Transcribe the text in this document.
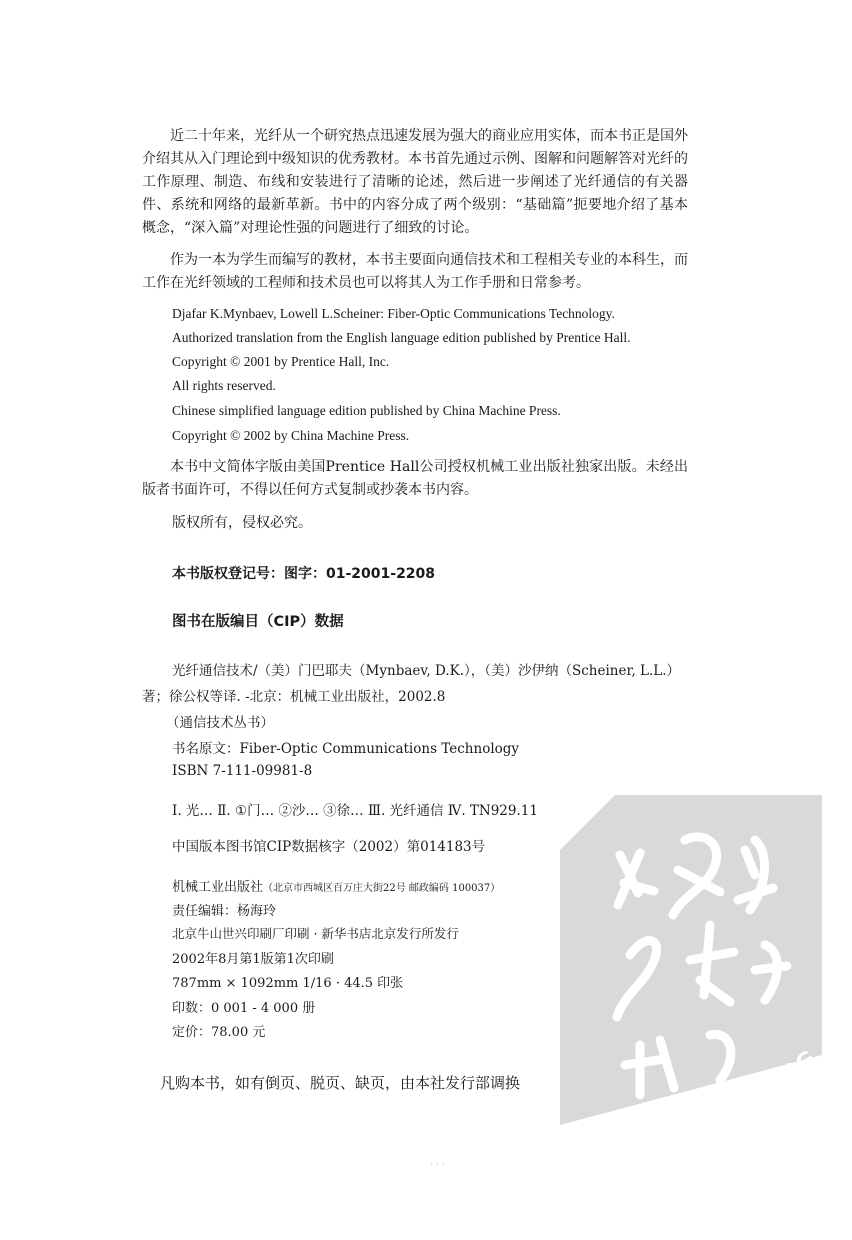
近二十年来，光纤从一个研究热点迅速发展为强大的商业应用实体，而本书正是国外介绍其从入门理论到中级知识的优秀教材。本书首先通过示例、图解和问题解答对光纤的工作原理、制造、布线和安装进行了清晰的论述，然后进一步阐述了光纤通信的有关器件、系统和网络的最新革新。书中的内容分成了两个级别：“基础篇”扼要地介绍了基本概念，“深入篇”对理论性强的问题进行了细致的讨论。

作为一本为学生而编写的教材，本书主要面向通信技术和工程相关专业的本科生，而工作在光纤领域的工程师和技术员也可以将其人为工作手册和日常参考。

Djafar K.Mynbaev, Lowell L.Scheiner: Fiber-Optic Communications Technology.

Authorized translation from the English language edition published by Prentice Hall.

Copyright © 2001 by Prentice Hall, Inc.

All rights reserved.

Chinese simplified language edition published by China Machine Press.

Copyright © 2002 by China Machine Press.

本书中文简体字版由美国Prentice Hall公司授权机械工业出版社独家出版。未经出版者书面许可，不得以任何方式复制或抄袭本书内容。

版权所有，侵权必究。

本书版权登记号：图字：01-2001-2208

图书在版编目（CIP）数据

光纤通信技术/（美）门巴耶夫（Mynbaev, D.K.），（美）沙伊纳（Scheiner, L.L.）

著；徐公权等译. -北京：机械工业出版社，2002.8

（通信技术丛书）

书名原文：Fiber-Optic Communications Technology

ISBN 7-111-09981-8

Ⅰ. 光… Ⅱ. ①门… ②沙… ③徐… Ⅲ. 光纤通信 Ⅳ. TN929.11

中国版本图书馆CIP数据核字（2002）第014183号

机械工业出版社（北京市西城区百万庄大街22号 邮政编码 100037）

责任编辑：杨海玲

北京牛山世兴印刷厂印刷 · 新华书店北京发行所发行

2002年8月第1版第1次印刷

787mm × 1092mm 1/16 · 44.5 印张

印数：0 001 - 4 000 册

定价：78.00 元

PDG

凡购本书，如有倒页、脱页、缺页，由本社发行部调换

· · ·
